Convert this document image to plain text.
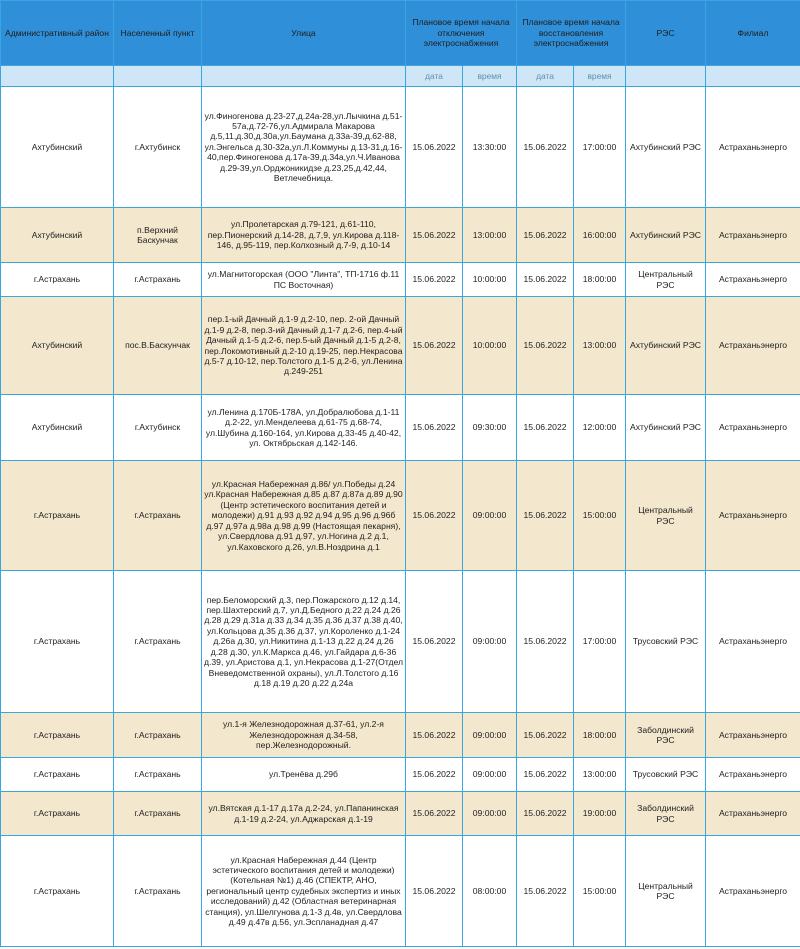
Административный район	Населенный пункт	Улица	Плановое время начала отключения электроснабжения		Плановое время начала восстановления электроснабжения		РЭС	Филиал
			дата	время	дата	время		
Ахтубинский	г.Ахтубинск	ул.Финогенова д.23-27,д.24а-28,ул.Лычкина д.51-57а,д.72-76,ул.Адмирала Макарова д.5,11,д.30,д.30а,ул.Баумана д.33а-39,д.62-88, ул.Энгельса д.30-32а,ул.Л.Коммуны д.13-31,д.16-40,пер.Финогенова д.17а-39,д.34а,ул.Ч.Иванова д.29-39,ул.Орджоникидзе д.23,25,д.42,44, Ветлечебница.	15.06.2022	13:30:00	15.06.2022	17:00:00	Ахтубинский РЭС	Астраханьэнерго
Ахтубинский	п.Верхний Баскунчак	ул.Пролетарская д.79-121, д.61-110, пер.Пионерский д.14-28, д.7,9, ул.Кирова д.118-146, д.95-119, пер.Колхозный д.7-9, д.10-14	15.06.2022	13:00:00	15.06.2022	16:00:00	Ахтубинский РЭС	Астраханьэнерго
г.Астрахань	г.Астрахань	ул.Магнитогорская (ООО "Линта", ТП-1716 ф.11 ПС Восточная)	15.06.2022	10:00:00	15.06.2022	18:00:00	Центральный РЭС	Астраханьэнерго
Ахтубинский	пос.В.Баскунчак	пер.1-ый Дачный д.1-9 д.2-10, пер. 2-ой Дачный д.1-9 д.2-8, пер.3-ий Дачный д.1-7 д.2-6, пер.4-ый Дачный д.1-5 д.2-6, пер.5-ый Дачный д.1-5 д.2-8, пер.Локомотивный д.2-10 д.19-25, пер.Некрасова д.5-7 д.10-12, пер.Толстого д.1-5 д.2-6, ул.Ленина д.249-251	15.06.2022	10:00:00	15.06.2022	13:00:00	Ахтубинский РЭС	Астраханьэнерго
Ахтубинский	г.Ахтубинск	ул.Ленина д.170Б-178А, ул.Добралюбова д.1-11 д.2-22, ул.Менделеева д.61-75 д.68-74, ул.Шубина д.160-164, ул.Кирова д.33-45 д.40-42, ул. Октябрьская д.142-146.	15.06.2022	09:30:00	15.06.2022	12:00:00	Ахтубинский РЭС	Астраханьэнерго
г.Астрахань	г.Астрахань	ул.Красная Набережная д.86/ ул.Победы д.24 ул.Красная Набережная д.85 д.87 д.87а д.89 д.90 (Центр эстетического воспитания детей и молодежи) д.91 д.93 д.92 д.94 д.95 д.96 д.96б д.97 д.97а д.98а д.98 д.99 (Настоящая пекарня), ул.Свердлова д.91 д.97, ул.Ногина д.2 д.1, ул.Каховского д.26, ул.В.Ноздрина д.1	15.06.2022	09:00:00	15.06.2022	15:00:00	Центральный РЭС	Астраханьэнерго
г.Астрахань	г.Астрахань	пер.Беломорский д.3, пер.Пожарского д.12 д.14, пер.Шахтерский д.7, ул.Д.Бедного д.22 д.24 д.26 д.28 д.29 д.31а д.33 д.34 д.35 д.36 д.37 д.38 д.40, ул.Кольцова д.35 д.36 д.37, ул.Короленко д.1-24 д.26а д.30, ул.Никитина д.1-13 д.22 д.24 д.26 д.28 д.30, ул.К.Маркса д.46, ул.Гайдара д.6-36 д.39, ул.Аристова д.1, ул.Некрасова д.1-27(Отдел Вневедомственной охраны), ул.Л.Толстого д.16 д.18 д.19 д.20 д.22 д.24а	15.06.2022	09:00:00	15.06.2022	17:00:00	Трусовский РЭС	Астраханьэнерго
г.Астрахань	г.Астрахань	ул.1-я Железнодорожная д.37-61, ул.2-я Железнодорожная д.34-58, пер.Железнодорожный.	15.06.2022	09:00:00	15.06.2022	18:00:00	Заболдинский РЭС	Астраханьэнерго
г.Астрахань	г.Астрахань	ул.Тренёва д.29б	15.06.2022	09:00:00	15.06.2022	13:00:00	Трусовский РЭС	Астраханьэнерго
г.Астрахань	г.Астрахань	ул.Вятская д.1-17 д.17а д.2-24, ул.Папанинская д.1-19 д.2-24, ул.Аджарская д.1-19	15.06.2022	09:00:00	15.06.2022	19:00:00	Заболдинский РЭС	Астраханьэнерго
г.Астрахань	г.Астрахань	ул.Красная Набережная д.44 (Центр эстетического воспитания детей и молодежи) (Котельная №1) д.46 (СПЕКТР, АНО, региональный центр судебных экспертиз и иных исследований) д.42 (Областная ветеринарная станция), ул.Шелгунова д.1-3 д.4в, ул.Свердлова д.49 д.47в д.56, ул.Эспланадная д.47	15.06.2022	08:00:00	15.06.2022	15:00:00	Центральный РЭС	Астраханьэнерго
